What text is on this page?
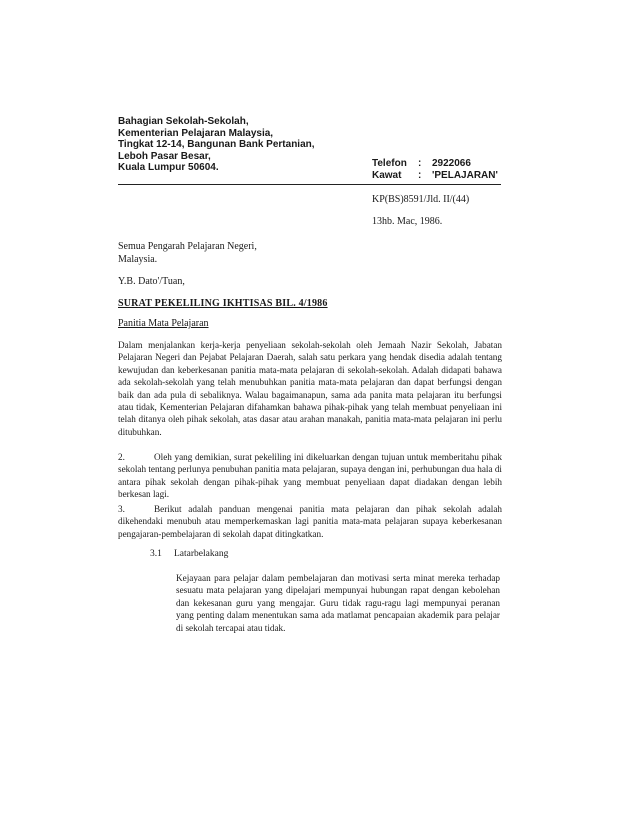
Bahagian Sekolah-Sekolah,
Kementerian Pelajaran Malaysia,
Tingkat 12-14, Bangunan Bank Pertanian,
Leboh Pasar Besar,
Kuala Lumpur 50604.	Telefon	:	2922066
Kawat	:	'PELAJARAN'
KP(BS)8591/Jld. II/(44)
13hb. Mac, 1986.
Semua Pengarah Pelajaran Negeri,
Malaysia.
Y.B. Dato'/Tuan,
SURAT PEKELILING IKHTISAS BIL. 4/1986
Panitia Mata Pelajaran
Dalam menjalankan kerja-kerja penyeliaan sekolah-sekolah oleh Jemaah Nazir Sekolah, Jabatan Pelajaran Negeri dan Pejabat Pelajaran Daerah, salah satu perkara yang hendak disedia adalah tentang kewujudan dan keberkesanan panitia mata-mata pelajaran di sekolah-sekolah. Adalah didapati bahawa ada sekolah-sekolah yang telah menubuhkan panitia mata-mata pelajaran dan dapat berfungsi dengan baik dan ada pula di sebaliknya. Walau bagaimanapun, sama ada panita mata pelajaran itu berfungsi atau tidak, Kementerian Pelajaran difahamkan bahawa pihak-pihak yang telah membuat penyeliaan ini telah ditanya oleh pihak sekolah, atas dasar atau arahan manakah, panitia mata-mata pelajaran ini perlu ditubuhkan.
2.	Oleh yang demikian, surat pekeliling ini dikeluarkan dengan tujuan untuk memberitahu pihak sekolah tentang perlunya penubuhan panitia mata pelajaran, supaya dengan ini, perhubungan dua hala di antara pihak sekolah dengan pihak-pihak yang membuat penyeliaan dapat diadakan dengan lebih berkesan lagi.
3.	Berikut adalah panduan mengenai panitia mata pelajaran dan pihak sekolah adalah dikehendaki menubuh atau memperkemaskan lagi panitia mata-mata pelajaran supaya keberkesanan pengajaran-pembelajaran di sekolah dapat ditingkatkan.
3.1 Latarbelakang
Kejayaan para pelajar dalam pembelajaran dan motivasi serta minat mereka terhadap sesuatu mata pelajaran yang dipelajari mempunyai hubungan rapat dengan kebolehan dan kekesanan guru yang mengajar. Guru tidak ragu-ragu lagi mempunyai peranan yang penting dalam menentukan sama ada matlamat pencapaian akademik para pelajar di sekolah tercapai atau tidak.
